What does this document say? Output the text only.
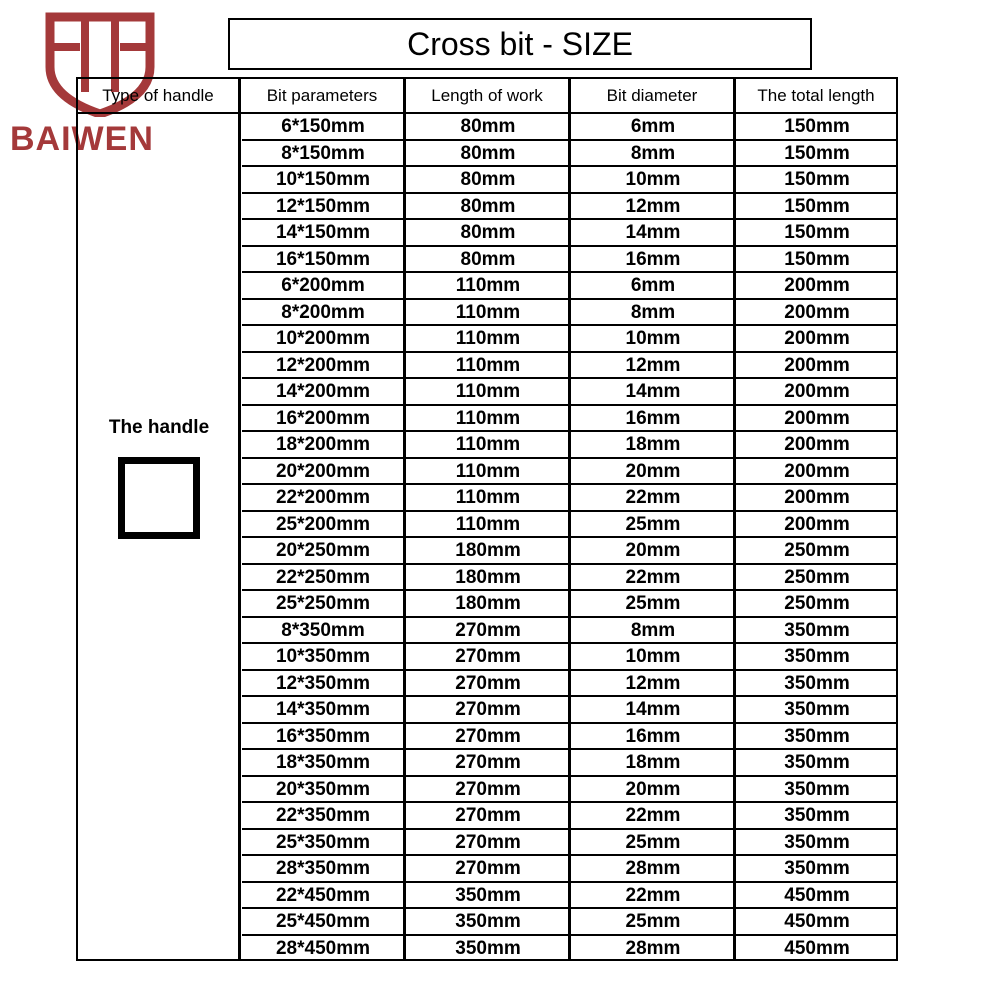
BAIWEN
Cross bit - SIZE
Type of handle	Bit parameters	Length of work	Bit diameter	The total length
The handle
6*150mm	80mm	6mm	150mm
8*150mm	80mm	8mm	150mm
10*150mm	80mm	10mm	150mm
12*150mm	80mm	12mm	150mm
14*150mm	80mm	14mm	150mm
16*150mm	80mm	16mm	150mm
6*200mm	110mm	6mm	200mm
8*200mm	110mm	8mm	200mm
10*200mm	110mm	10mm	200mm
12*200mm	110mm	12mm	200mm
14*200mm	110mm	14mm	200mm
16*200mm	110mm	16mm	200mm
18*200mm	110mm	18mm	200mm
20*200mm	110mm	20mm	200mm
22*200mm	110mm	22mm	200mm
25*200mm	110mm	25mm	200mm
20*250mm	180mm	20mm	250mm
22*250mm	180mm	22mm	250mm
25*250mm	180mm	25mm	250mm
8*350mm	270mm	8mm	350mm
10*350mm	270mm	10mm	350mm
12*350mm	270mm	12mm	350mm
14*350mm	270mm	14mm	350mm
16*350mm	270mm	16mm	350mm
18*350mm	270mm	18mm	350mm
20*350mm	270mm	20mm	350mm
22*350mm	270mm	22mm	350mm
25*350mm	270mm	25mm	350mm
28*350mm	270mm	28mm	350mm
22*450mm	350mm	22mm	450mm
25*450mm	350mm	25mm	450mm
28*450mm	350mm	28mm	450mm
